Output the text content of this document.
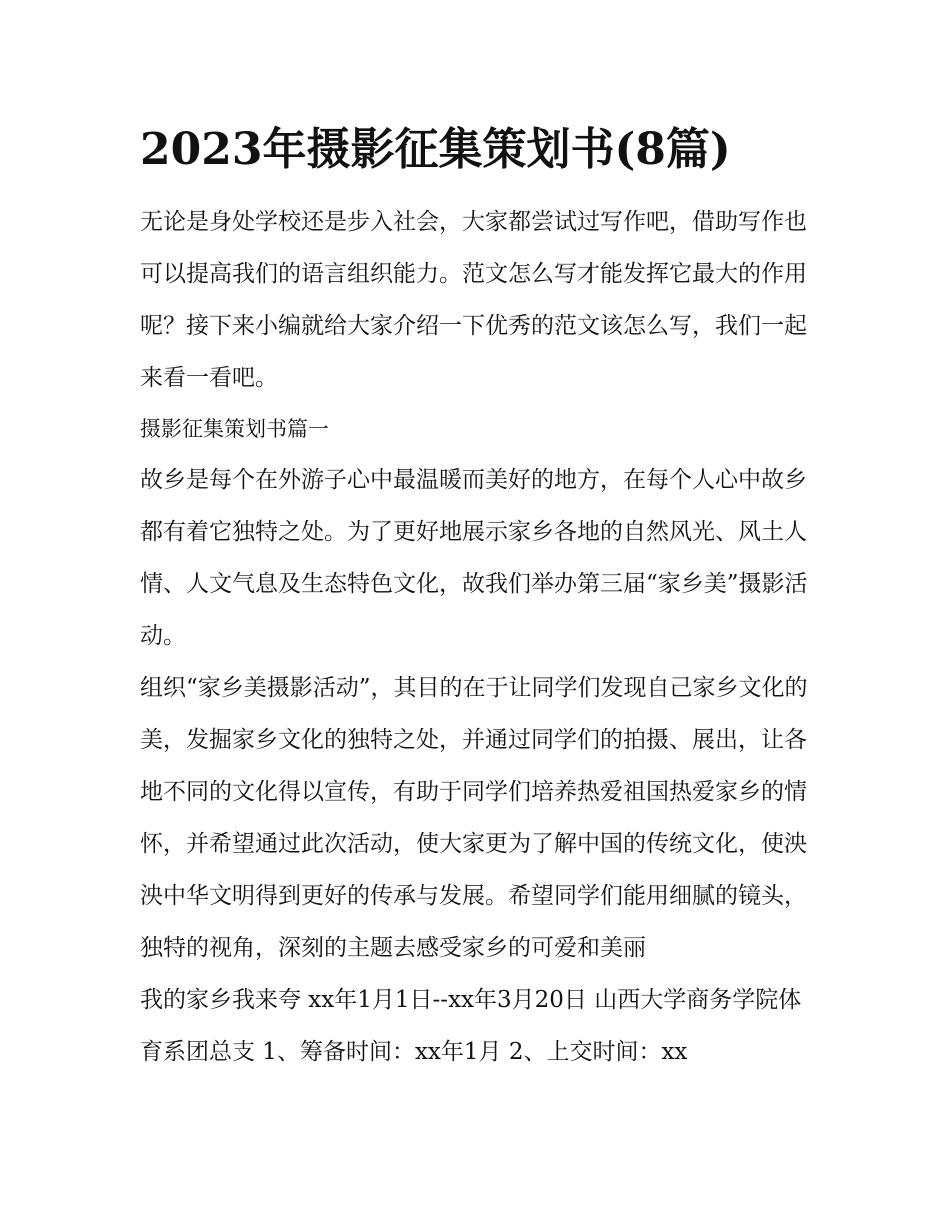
2023年摄影征集策划书(8篇)

无论是身处学校还是步入社会，大家都尝试过写作吧，借助写作也可以提高我们的语言组织能力。范文怎么写才能发挥它最大的作用呢？接下来小编就给大家介绍一下优秀的范文该怎么写，我们一起来看一看吧。

摄影征集策划书篇一

故乡是每个在外游子心中最温暖而美好的地方，在每个人心中故乡都有着它独特之处。为了更好地展示家乡各地的自然风光、风土人情、人文气息及生态特色文化，故我们举办第三届“家乡美”摄影活动。

组织“家乡美摄影活动”，其目的在于让同学们发现自己家乡文化的美，发掘家乡文化的独特之处，并通过同学们的拍摄、展出，让各地不同的文化得以宣传，有助于同学们培养热爱祖国热爱家乡的情怀，并希望通过此次活动，使大家更为了解中国的传统文化，使泱泱中华文明得到更好的传承与发展。希望同学们能用细腻的镜头，独特的视角，深刻的主题去感受家乡的可爱和美丽

我的家乡我来夸 xx年1月1日--xx年3月20日 山西大学商务学院体育系团总支 1、筹备时间：xx年1月 2、上交时间：xx
